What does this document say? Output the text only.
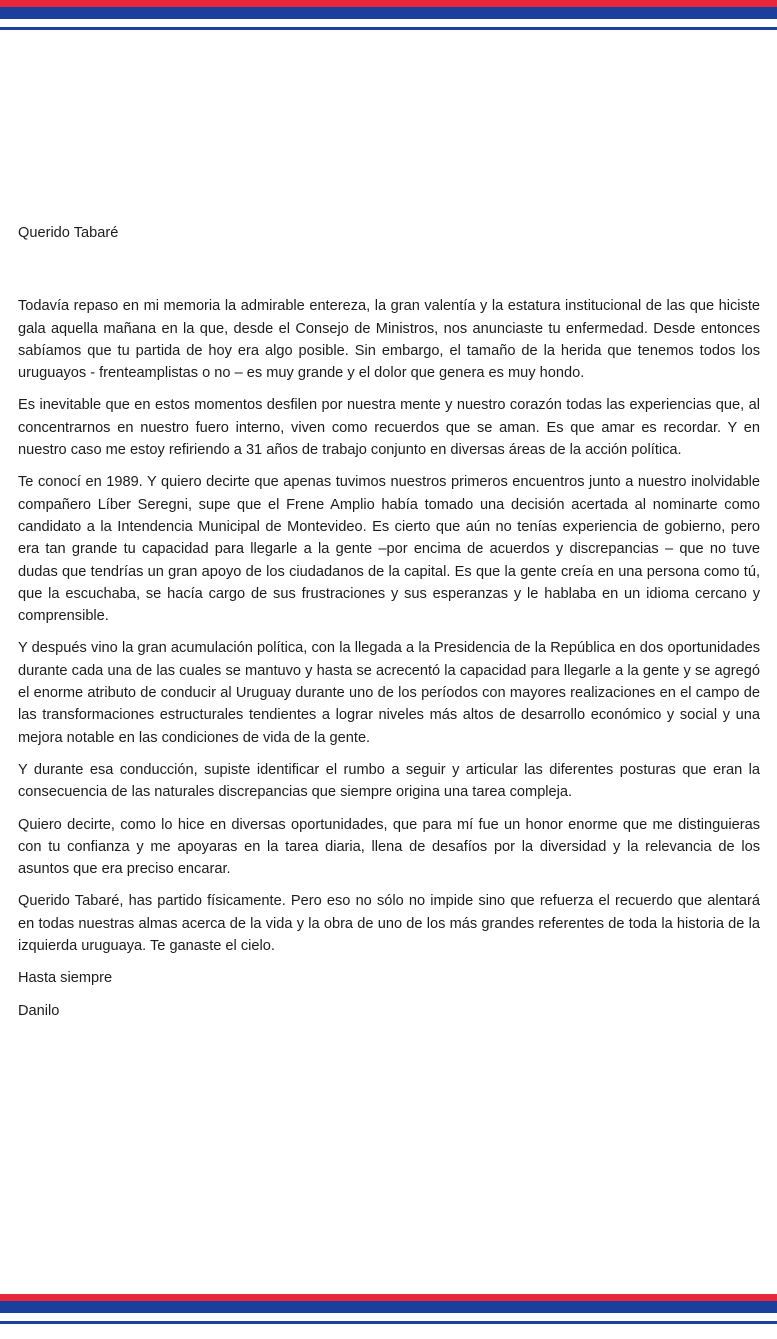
Querido Tabaré

Todavía repaso en mi memoria la admirable entereza, la gran valentía y la estatura institucional de las que hiciste gala aquella mañana en la que, desde el Consejo de Ministros, nos anunciaste tu enfermedad. Desde entonces sabíamos que tu partida de hoy era algo posible. Sin embargo, el tamaño de la herida que tenemos todos los uruguayos - frenteamplistas o no – es muy grande y el dolor que genera es muy hondo.

Es inevitable que en estos momentos desfilen por nuestra mente y nuestro corazón todas las experiencias que, al concentrarnos en nuestro fuero interno, viven como recuerdos que se aman. Es que amar es recordar. Y en nuestro caso me estoy refiriendo a 31 años de trabajo conjunto en diversas áreas de la acción política.

Te conocí en 1989. Y quiero decirte que apenas tuvimos nuestros primeros encuentros junto a nuestro inolvidable compañero Líber Seregni, supe que el Frene Amplio había tomado una decisión acertada al nominarte como candidato a la Intendencia Municipal de Montevideo. Es cierto que aún no tenías experiencia de gobierno, pero era tan grande tu capacidad para llegarle a la gente –por encima de acuerdos y discrepancias – que no tuve dudas que tendrías un gran apoyo de los ciudadanos de la capital. Es que la gente creía en una persona como tú, que la escuchaba, se hacía cargo de sus frustraciones y sus esperanzas y le hablaba en un idioma cercano y comprensible.

Y después vino la gran acumulación política, con la llegada a la Presidencia de la República en dos oportunidades durante cada una de las cuales se mantuvo y hasta se acrecentó la capacidad para llegarle a la gente y se agregó el enorme atributo de conducir al Uruguay durante uno de los períodos con mayores realizaciones en el campo de las transformaciones estructurales tendientes a lograr niveles más altos de desarrollo económico y social y una mejora notable en las condiciones de vida de la gente.

Y durante esa conducción, supiste identificar el rumbo a seguir y articular las diferentes posturas que eran la consecuencia de las naturales discrepancias que siempre origina una tarea compleja.

Quiero decirte, como lo hice en diversas oportunidades, que para mí fue un honor enorme que me distinguieras con tu confianza y me apoyaras en la tarea diaria, llena de desafíos por la diversidad y la relevancia de los asuntos que era preciso encarar.

Querido Tabaré, has partido físicamente. Pero eso no sólo no impide sino que refuerza el recuerdo que alentará en todas nuestras almas acerca de la vida y la obra de uno de los más grandes referentes de toda la historia de la izquierda uruguaya. Te ganaste el cielo.

Hasta siempre

Danilo
